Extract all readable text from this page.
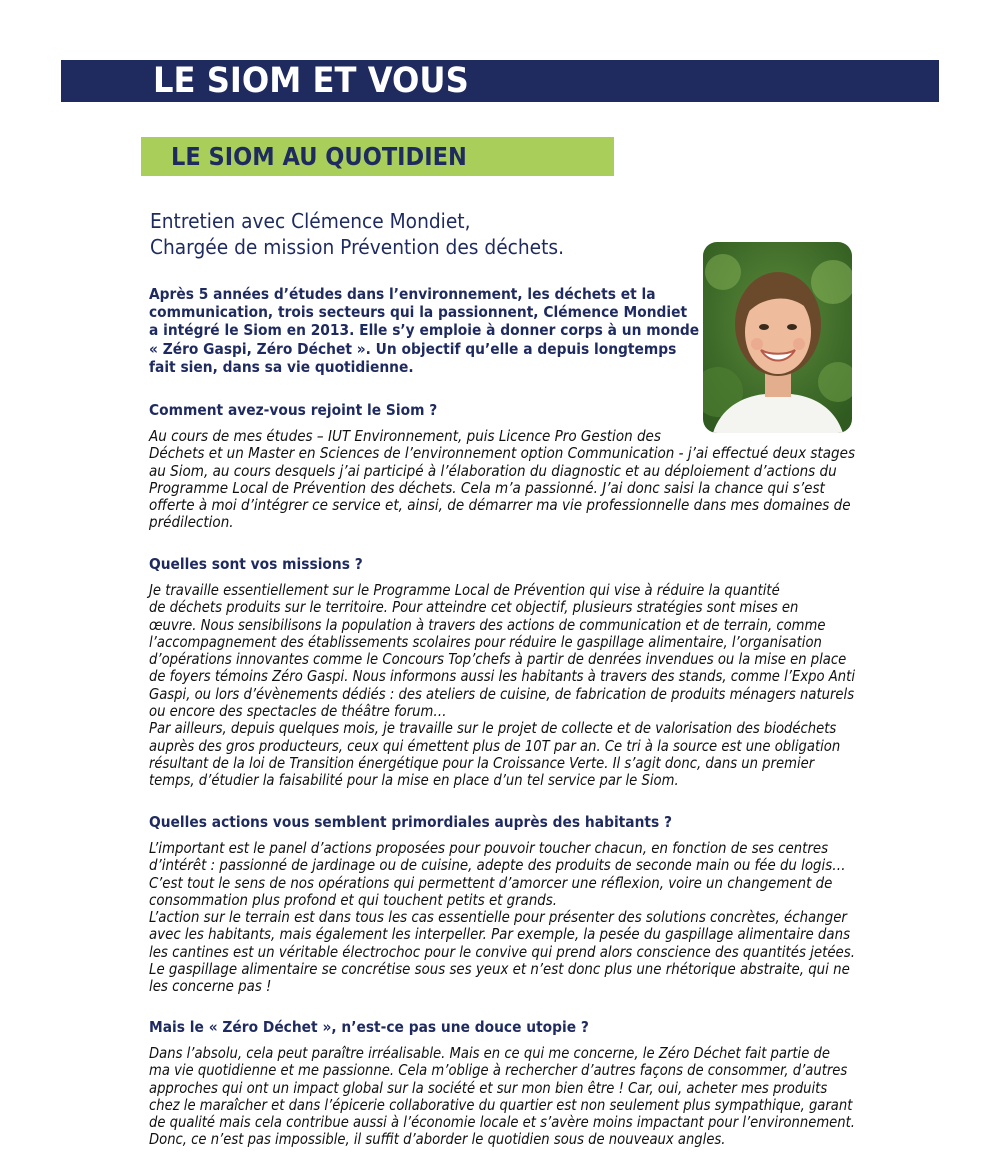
LE SIOM ET VOUS
LE SIOM AU QUOTIDIEN
Entretien avec Clémence Mondiet,
Chargée de mission Prévention des déchets.
Après 5 années d’études dans l’environnement, les déchets et la
communication, trois secteurs qui la passionnent, Clémence Mondiet
a intégré le Siom en 2013. Elle s’y emploie à donner corps à un monde
« Zéro Gaspi, Zéro Déchet ». Un objectif qu’elle a depuis longtemps
fait sien, dans sa vie quotidienne.
Comment avez-vous rejoint le Siom ?
Au cours de mes études – IUT Environnement, puis Licence Pro Gestion des
Déchets et un Master en Sciences de l’environnement option Communication - j’ai effectué deux stages
au Siom, au cours desquels j’ai participé à l’élaboration du diagnostic et au déploiement d’actions du
Programme Local de Prévention des déchets. Cela m’a passionné. J’ai donc saisi la chance qui s’est
offerte à moi d’intégrer ce service et, ainsi, de démarrer ma vie professionnelle dans mes domaines de
prédilection.
Quelles sont vos missions ?
Je travaille essentiellement sur le Programme Local de Prévention qui vise à réduire la quantité
de déchets produits sur le territoire. Pour atteindre cet objectif, plusieurs stratégies sont mises en
œuvre. Nous sensibilisons la population à travers des actions de communication et de terrain, comme
l’accompagnement des établissements scolaires pour réduire le gaspillage alimentaire, l’organisation
d’opérations innovantes comme le Concours Top’chefs à partir de denrées invendues ou la mise en place
de foyers témoins Zéro Gaspi. Nous informons aussi les habitants à travers des stands, comme l’Expo Anti
Gaspi, ou lors d’évènements dédiés : des ateliers de cuisine, de fabrication de produits ménagers naturels
ou encore des spectacles de théâtre forum…
Par ailleurs, depuis quelques mois, je travaille sur le projet de collecte et de valorisation des biodéchets
auprès des gros producteurs, ceux qui émettent plus de 10T par an. Ce tri à la source est une obligation
résultant de la loi de Transition énergétique pour la Croissance Verte. Il s’agit donc, dans un premier
temps, d’étudier la faisabilité pour la mise en place d’un tel service par le Siom.
Quelles actions vous semblent primordiales auprès des habitants ?
L’important est le panel d’actions proposées pour pouvoir toucher chacun, en fonction de ses centres
d’intérêt : passionné de jardinage ou de cuisine, adepte des produits de seconde main ou fée du logis…
C’est tout le sens de nos opérations qui permettent d’amorcer une réflexion, voire un changement de
consommation plus profond et qui touchent petits et grands.
L’action sur le terrain est dans tous les cas essentielle pour présenter des solutions concrètes, échanger
avec les habitants, mais également les interpeller. Par exemple, la pesée du gaspillage alimentaire dans
les cantines est un véritable électrochoc pour le convive qui prend alors conscience des quantités jetées.
Le gaspillage alimentaire se concrétise sous ses yeux et n’est donc plus une rhétorique abstraite, qui ne
les concerne pas !
Mais le « Zéro Déchet », n’est-ce pas une douce utopie ?
Dans l’absolu, cela peut paraître irréalisable. Mais en ce qui me concerne, le Zéro Déchet fait partie de
ma vie quotidienne et me passionne. Cela m’oblige à rechercher d’autres façons de consommer, d’autres
approches qui ont un impact global sur la société et sur mon bien être ! Car, oui, acheter mes produits
chez le maraîcher et dans l’épicerie collaborative du quartier est non seulement plus sympathique, garant
de qualité mais cela contribue aussi à l’économie locale et s’avère moins impactant pour l’environnement.
Donc, ce n’est pas impossible, il suffit d’aborder le quotidien sous de nouveaux angles.
